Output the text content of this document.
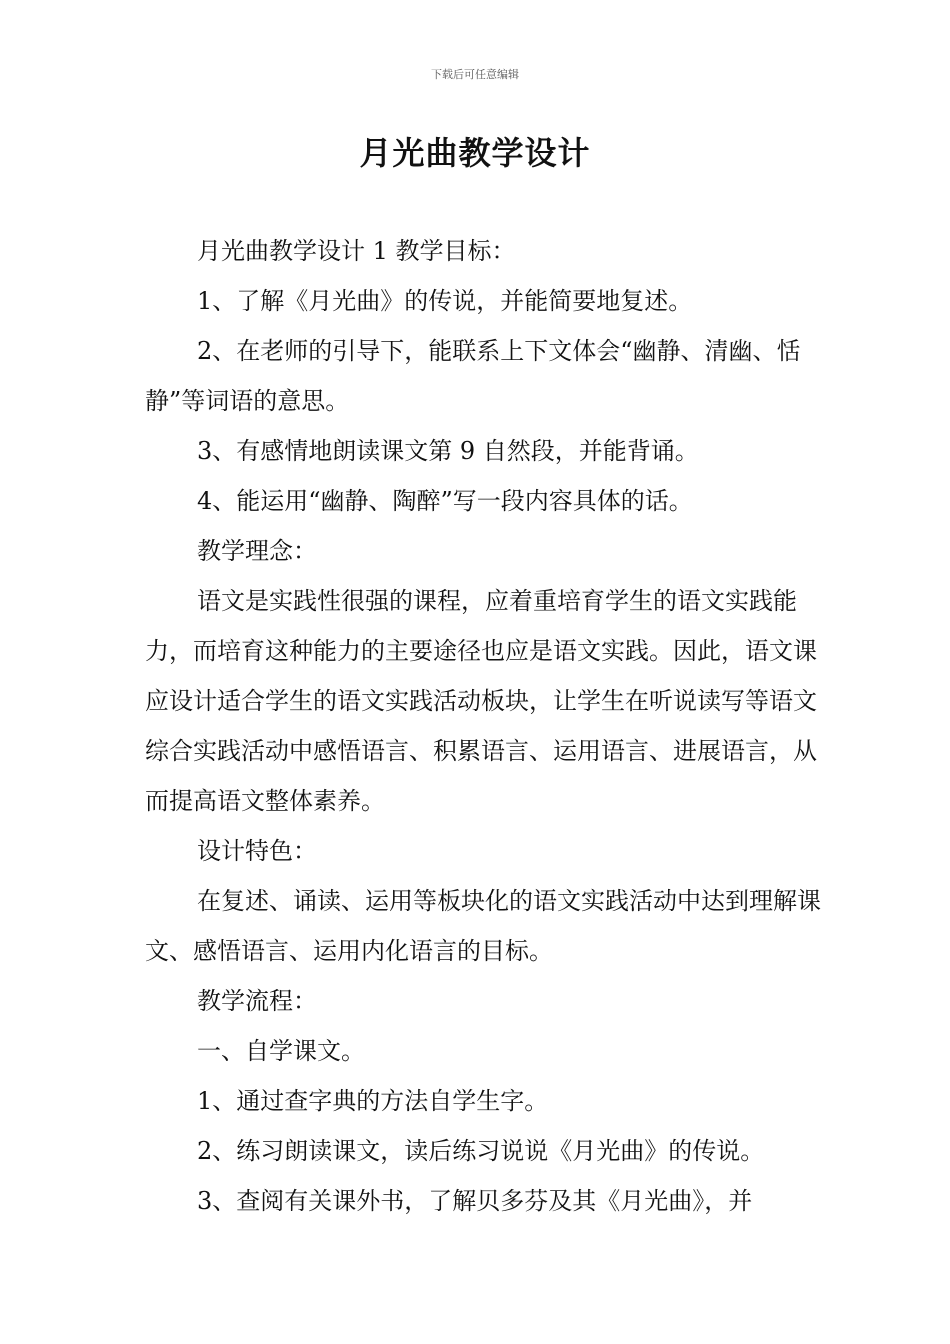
下载后可任意编辑
月光曲教学设计

月光曲教学设计 1 教学目标：

1、了解《月光曲》的传说，并能简要地复述。

2、在老师的引导下，能联系上下文体会“幽静、清幽、恬静”等词语的意思。

3、有感情地朗读课文第 9 自然段，并能背诵。

4、能运用“幽静、陶醉”写一段内容具体的话。

教学理念：

语文是实践性很强的课程，应着重培育学生的语文实践能力，而培育这种能力的主要途径也应是语文实践。因此，语文课应设计适合学生的语文实践活动板块，让学生在听说读写等语文综合实践活动中感悟语言、积累语言、运用语言、进展语言，从而提高语文整体素养。

设计特色：

在复述、诵读、运用等板块化的语文实践活动中达到理解课文、感悟语言、运用内化语言的目标。

教学流程：

一、自学课文。

1、通过查字典的方法自学生字。

2、练习朗读课文，读后练习说说《月光曲》的传说。

3、查阅有关课外书，了解贝多芬及其《月光曲》，并
